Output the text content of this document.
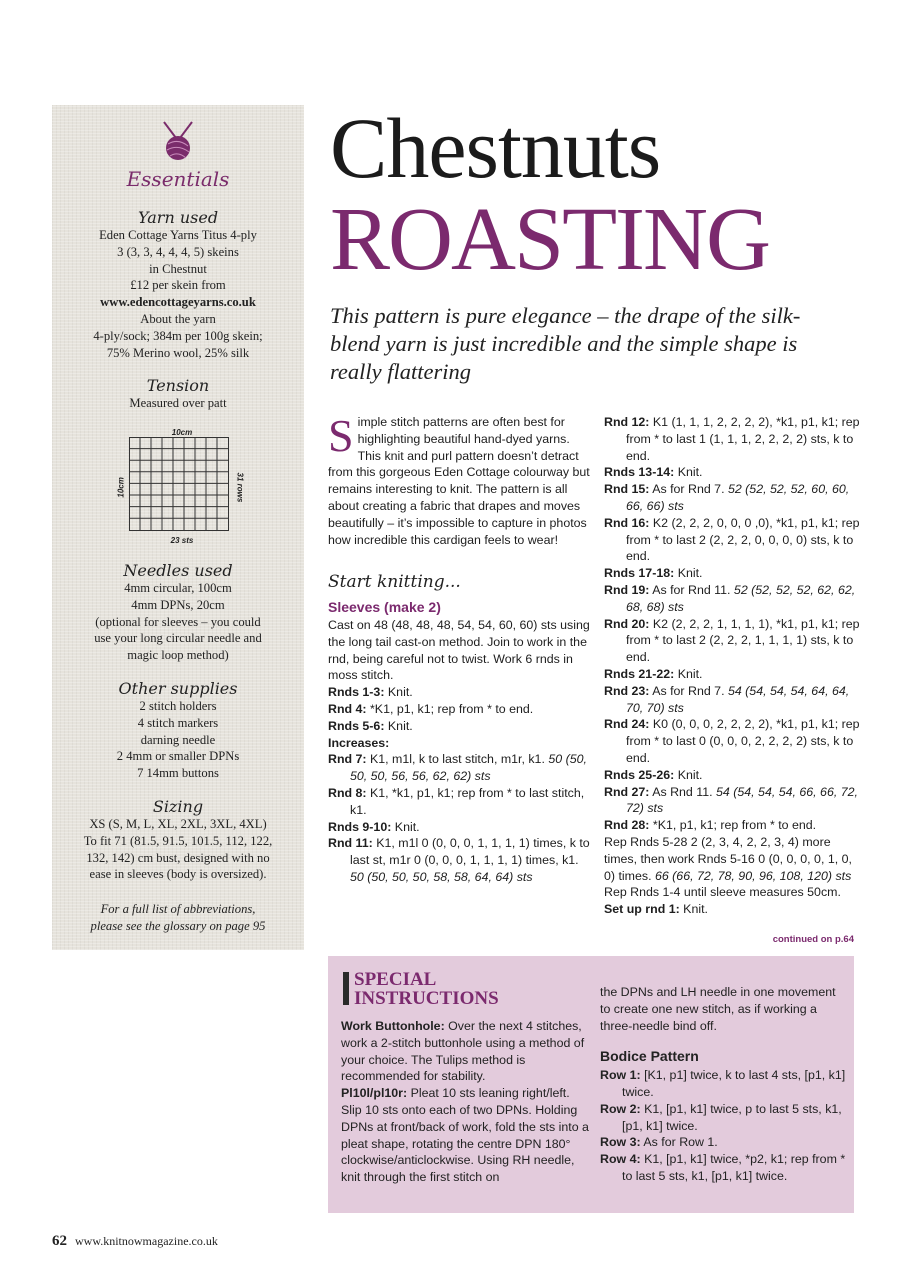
Essentials
Yarn used
Eden Cottage Yarns Titus 4-ply
3 (3, 3, 4, 4, 4, 5) skeins
in Chestnut
£12 per skein from
www.edencottageyarns.co.uk
About the yarn
4-ply/sock; 384m per 100g skein;
75% Merino wool, 25% silk
Tension
Measured over patt
10cm
10cm	31 rows
23 sts
Needles used
4mm circular, 100cm
4mm DPNs, 20cm
(optional for sleeves – you could
use your long circular needle and
magic loop method)
Other supplies
2 stitch holders
4 stitch markers
darning needle
2 4mm or smaller DPNs
7 14mm buttons
Sizing
XS (S, M, L, XL, 2XL, 3XL, 4XL)
To fit 71 (81.5, 91.5, 101.5, 112, 122,
132, 142) cm bust, designed with no
ease in sleeves (body is oversized).
For a full list of abbreviations,
please see the glossary on page 95
Chestnuts
ROASTING
This pattern is pure elegance – the drape of the silk-blend yarn is just incredible and the simple shape is really flattering

Simple stitch patterns are often best for highlighting beautiful hand-dyed yarns. This knit and purl pattern doesn’t detract from this gorgeous Eden Cottage colourway but remains interesting to knit. The pattern is all about creating a fabric that drapes and moves beautifully – it’s impossible to capture in photos how incredible this cardigan feels to wear!

Start knitting...
Sleeves (make 2)

Cast on 48 (48, 48, 48, 54, 54, 60, 60) sts using the long tail cast-on method. Join to work in the rnd, being careful not to twist. Work 6 rnds in moss stitch.

Rnds 1-3: Knit.

Rnd 4: *K1, p1, k1; rep from * to end.

Rnds 5-6: Knit.

Increases:

Rnd 7: K1, m1l, k to last stitch, m1r, k1. 50 (50, 50, 50, 56, 56, 62, 62) sts

Rnd 8: K1, *k1, p1, k1; rep from * to last stitch, k1.

Rnds 9-10: Knit.

Rnd 11: K1, m1l 0 (0, 0, 0, 1, 1, 1, 1) times, k to last st, m1r 0 (0, 0, 0, 1, 1, 1, 1) times, k1. 50 (50, 50, 50, 58, 58, 64, 64) sts

Rnd 12: K1 (1, 1, 1, 2, 2, 2, 2), *k1, p1, k1; rep from * to last 1 (1, 1, 1, 2, 2, 2, 2) sts, k to end.

Rnds 13-14: Knit.

Rnd 15: As for Rnd 7. 52 (52, 52, 52, 60, 60, 66, 66) sts

Rnd 16: K2 (2, 2, 2, 0, 0, 0 ,0), *k1, p1, k1; rep from * to last 2 (2, 2, 2, 0, 0, 0, 0) sts, k to end.

Rnds 17-18: Knit.

Rnd 19: As for Rnd 11. 52 (52, 52, 52, 62, 62, 68, 68) sts

Rnd 20: K2 (2, 2, 2, 1, 1, 1, 1), *k1, p1, k1; rep from * to last 2 (2, 2, 2, 1, 1, 1, 1) sts, k to end.

Rnds 21-22: Knit.

Rnd 23: As for Rnd 7. 54 (54, 54, 54, 64, 64, 70, 70) sts

Rnd 24: K0 (0, 0, 0, 2, 2, 2, 2), *k1, p1, k1; rep from * to last 0 (0, 0, 0, 2, 2, 2, 2) sts, k to end.

Rnds 25-26: Knit.

Rnd 27: As Rnd 11. 54 (54, 54, 54, 66, 66, 72, 72) sts

Rnd 28: *K1, p1, k1; rep from * to end.

Rep Rnds 5-28 2 (2, 3, 4, 2, 2, 3, 4) more times, then work Rnds 5-16 0 (0, 0, 0, 0, 1, 0, 0) times. 66 (66, 72, 78, 90, 96, 108, 120) sts

Rep Rnds 1-4 until sleeve measures 50cm.

Set up rnd 1: Knit.

continued on p.64
SPECIAL
INSTRUCTIONS

Work Buttonhole: Over the next 4 stitches, work a 2-stitch buttonhole using a method of your choice. The Tulips method is recommended for stability.

Pl10l/pl10r: Pleat 10 sts leaning right/left. Slip 10 sts onto each of two DPNs. Holding DPNs at front/back of work, fold the sts into a pleat shape, rotating the centre DPN 180° clockwise/anticlockwise. Using RH needle, knit through the first stitch on

the DPNs and LH needle in one movement to create one new stitch, as if working a three-needle bind off.

Bodice Pattern

Row 1: [K1, p1] twice, k to last 4 sts, [p1, k1] twice.

Row 2: K1, [p1, k1] twice, p to last 5 sts, k1, [p1, k1] twice.

Row 3: As for Row 1.

Row 4: K1, [p1, k1] twice, *p2, k1; rep from * to last 5 sts, k1, [p1, k1] twice.

62 www.knitnowmagazine.co.uk
